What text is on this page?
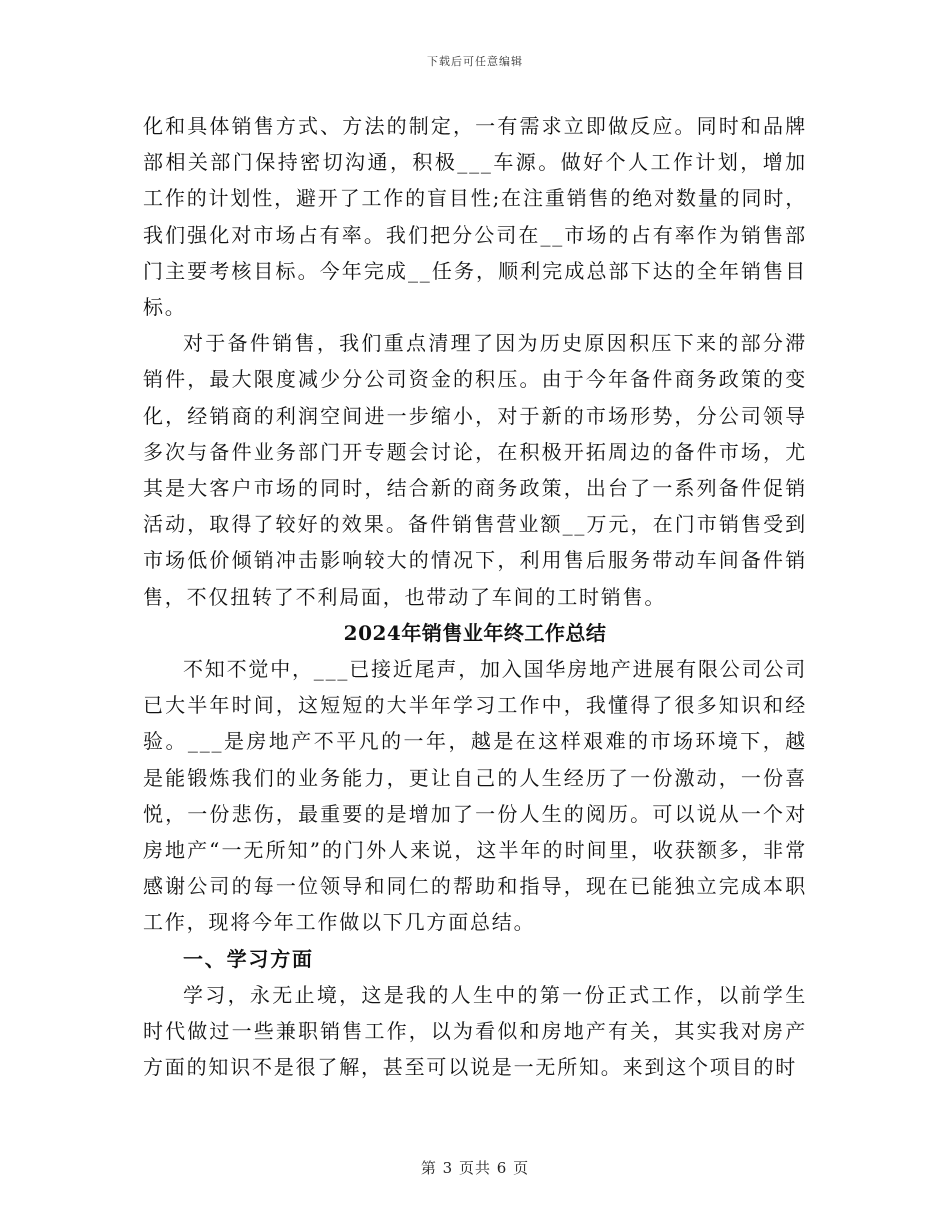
下载后可任意编辑

化和具体销售方式、方法的制定，一有需求立即做反应。同时和品牌部相关部门保持密切沟通，积极___车源。做好个人工作计划，增加工作的计划性，避开了工作的盲目性;在注重销售的绝对数量的同时，我们强化对市场占有率。我们把分公司在__市场的占有率作为销售部门主要考核目标。今年完成__任务，顺利完成总部下达的全年销售目标。

对于备件销售，我们重点清理了因为历史原因积压下来的部分滞销件，最大限度减少分公司资金的积压。由于今年备件商务政策的变化，经销商的利润空间进一步缩小，对于新的市场形势，分公司领导多次与备件业务部门开专题会讨论，在积极开拓周边的备件市场，尤其是大客户市场的同时，结合新的商务政策，出台了一系列备件促销活动，取得了较好的效果。备件销售营业额__万元，在门市销售受到市场低价倾销冲击影响较大的情况下，利用售后服务带动车间备件销售，不仅扭转了不利局面，也带动了车间的工时销售。

2024年销售业年终工作总结

不知不觉中，___已接近尾声，加入国华房地产进展有限公司公司已大半年时间，这短短的大半年学习工作中，我懂得了很多知识和经验。___是房地产不平凡的一年，越是在这样艰难的市场环境下，越是能锻炼我们的业务能力，更让自己的人生经历了一份激动，一份喜悦，一份悲伤，最重要的是增加了一份人生的阅历。可以说从一个对房地产“一无所知”的门外人来说，这半年的时间里，收获额多，非常感谢公司的每一位领导和同仁的帮助和指导，现在已能独立完成本职工作，现将今年工作做以下几方面总结。

一、学习方面

学习，永无止境，这是我的人生中的第一份正式工作，以前学生时代做过一些兼职销售工作，以为看似和房地产有关，其实我对房产方面的知识不是很了解，甚至可以说是一无所知。来到这个项目的时

第 3 页共 6 页
